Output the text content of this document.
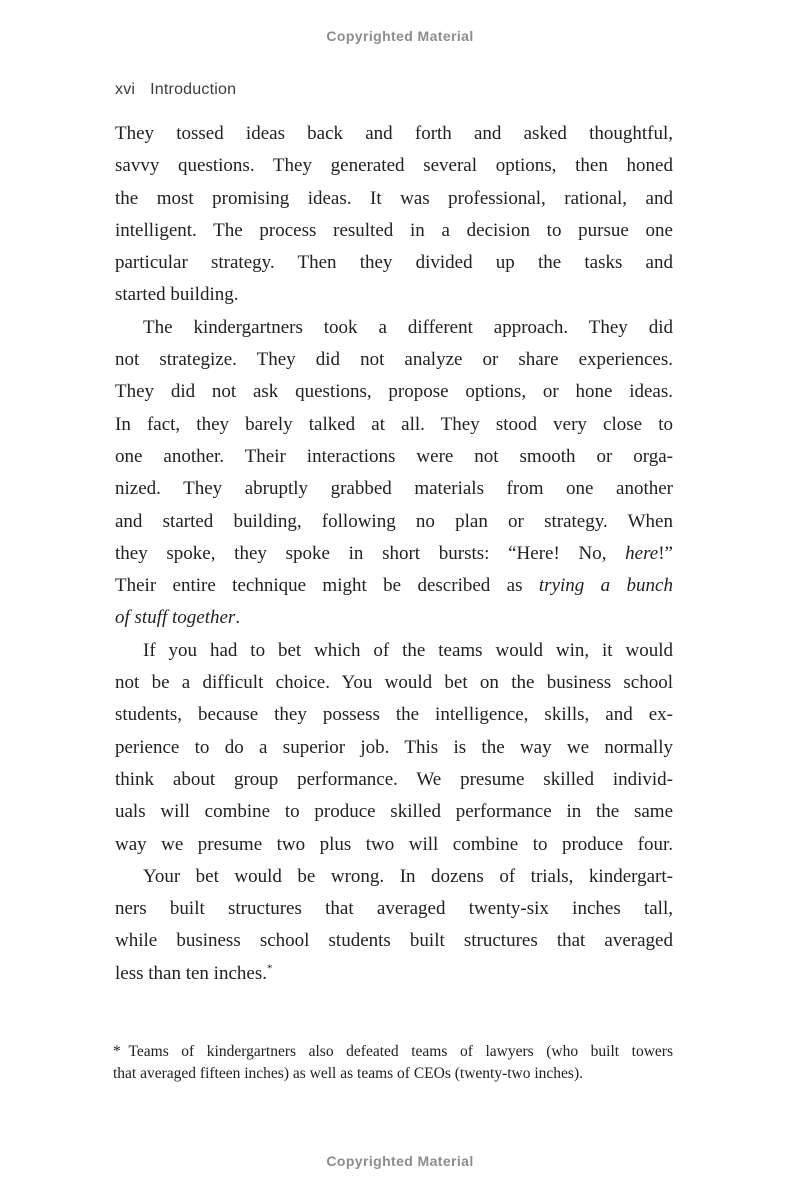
Copyrighted Material
xvi Introduction
They tossed ideas back and forth and asked thoughtful,
savvy questions. They generated several options, then honed
the most promising ideas. It was professional, rational, and
intelligent. The process resulted in a decision to pursue one
particular strategy. Then they divided up the tasks and
started building.
The kindergartners took a different approach. They did
not strategize. They did not analyze or share experiences.
They did not ask questions, propose options, or hone ideas.
In fact, they barely talked at all. They stood very close to
one another. Their interactions were not smooth or orga-
nized. They abruptly grabbed materials from one another
and started building, following no plan or strategy. When
they spoke, they spoke in short bursts: “Here! No, here!”
Their entire technique might be described as trying a bunch
of stuff together.
If you had to bet which of the teams would win, it would
not be a difficult choice. You would bet on the business school
students, because they possess the intelligence, skills, and ex-
perience to do a superior job. This is the way we normally
think about group performance. We presume skilled individ-
uals will combine to produce skilled performance in the same
way we presume two plus two will combine to produce four.
Your bet would be wrong. In dozens of trials, kindergart-
ners built structures that averaged twenty-six inches tall,
while business school students built structures that averaged
less than ten inches.*
* Teams of kindergartners also defeated teams of lawyers (who built towers
that averaged fifteen inches) as well as teams of CEOs (twenty-two inches).
Copyrighted Material
